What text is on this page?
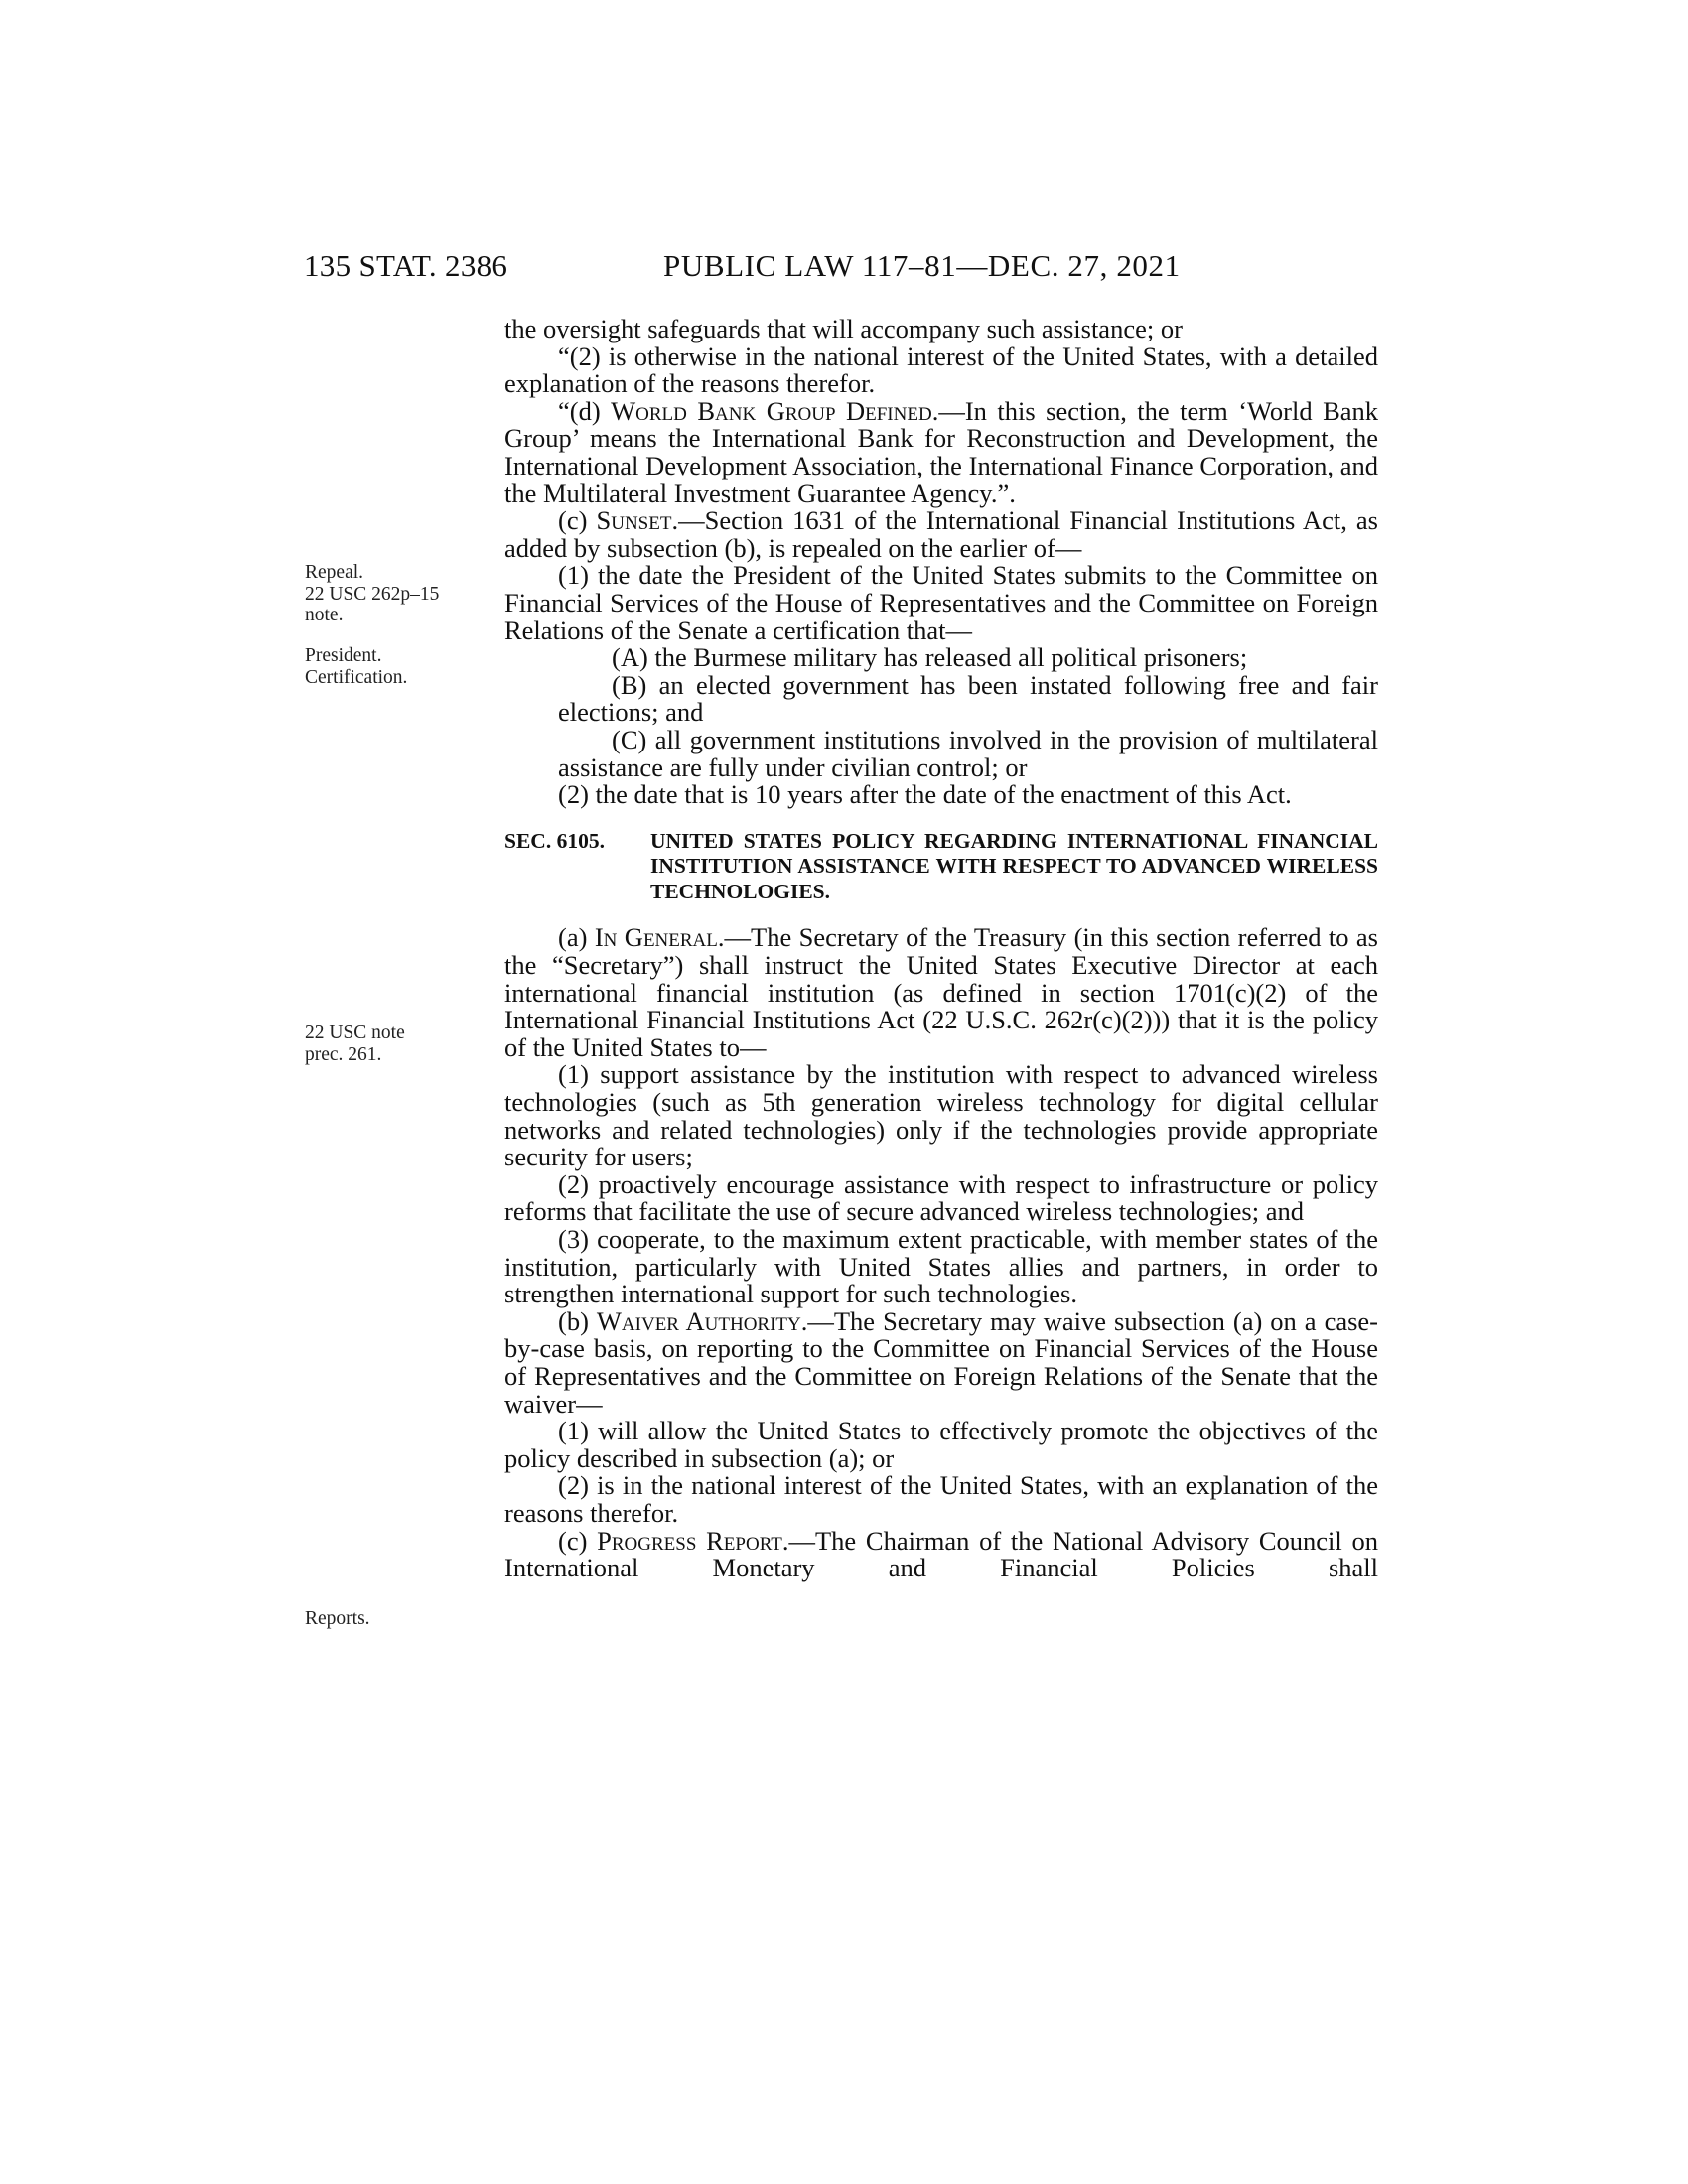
135 STAT. 2386	PUBLIC LAW 117–81—DEC. 27, 2021
Repeal.
22 USC 262p–15
note.
President.
Certification.
22 USC note
prec. 261.
Reports.

the oversight safeguards that will accompany such assistance; or

“(2) is otherwise in the national interest of the United States, with a detailed explanation of the reasons therefor.

“(d) World Bank Group Defined.—In this section, the term ‘World Bank Group’ means the International Bank for Reconstruction and Development, the International Development Association, the International Finance Corporation, and the Multilateral Investment Guarantee Agency.”.

(c) Sunset.—Section 1631 of the International Financial Institutions Act, as added by subsection (b), is repealed on the earlier of—

(1) the date the President of the United States submits to the Committee on Financial Services of the House of Representatives and the Committee on Foreign Relations of the Senate a certification that—

(A) the Burmese military has released all political prisoners;

(B) an elected government has been instated following free and fair elections; and

(C) all government institutions involved in the provision of multilateral assistance are fully under civilian control; or

(2) the date that is 10 years after the date of the enactment of this Act.

SEC. 6105.	UNITED STATES POLICY REGARDING INTERNATIONAL FINANCIAL INSTITUTION ASSISTANCE WITH RESPECT TO ADVANCED WIRELESS TECHNOLOGIES.

(a) In General.—The Secretary of the Treasury (in this section referred to as the “Secretary”) shall instruct the United States Executive Director at each international financial institution (as defined in section 1701(c)(2) of the International Financial Institutions Act (22 U.S.C. 262r(c)(2))) that it is the policy of the United States to—

(1) support assistance by the institution with respect to advanced wireless technologies (such as 5th generation wireless technology for digital cellular networks and related technologies) only if the technologies provide appropriate security for users;

(2) proactively encourage assistance with respect to infrastructure or policy reforms that facilitate the use of secure advanced wireless technologies; and

(3) cooperate, to the maximum extent practicable, with member states of the institution, particularly with United States allies and partners, in order to strengthen international support for such technologies.

(b) Waiver Authority.—The Secretary may waive subsection (a) on a case-by-case basis, on reporting to the Committee on Financial Services of the House of Representatives and the Committee on Foreign Relations of the Senate that the waiver—

(1) will allow the United States to effectively promote the objectives of the policy described in subsection (a); or

(2) is in the national interest of the United States, with an explanation of the reasons therefor.

(c) Progress Report.—The Chairman of the National Advisory Council on International Monetary and Financial Policies shall
